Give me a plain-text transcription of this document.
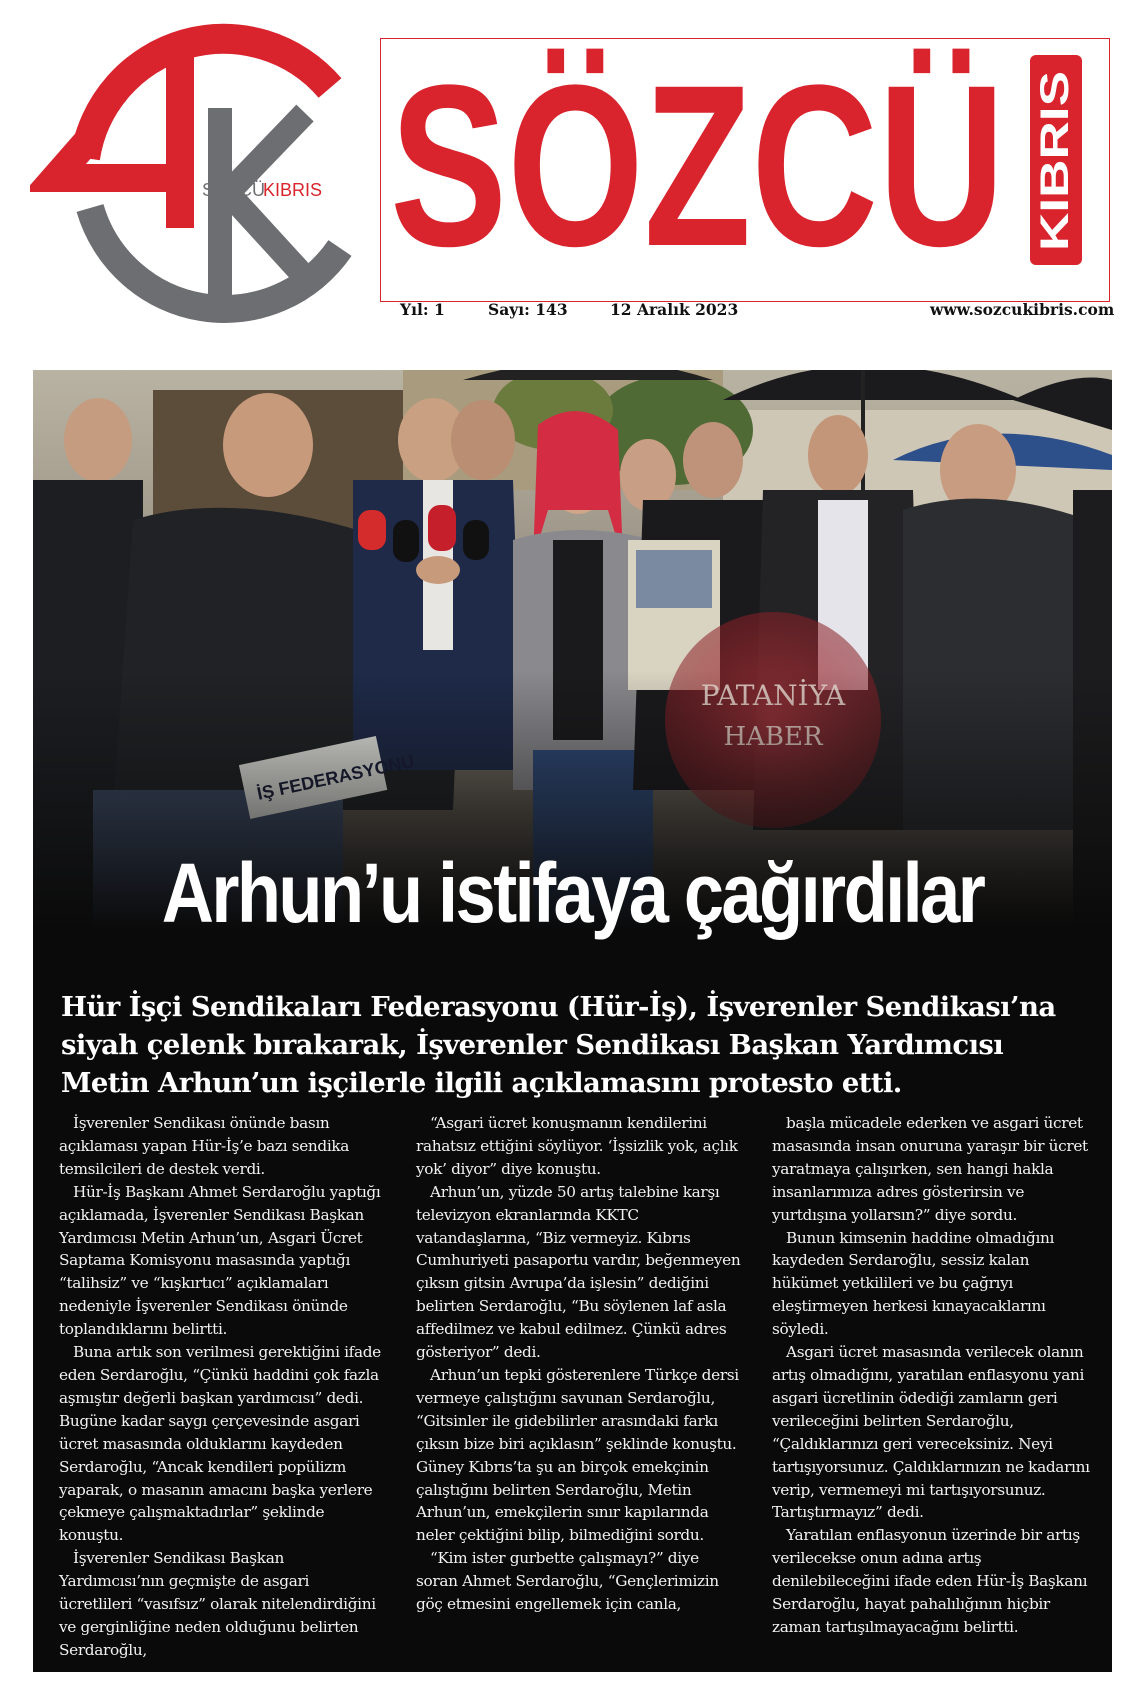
SÖZCÜ
KIBRIS SÖZCÜ KIBRIS
Yıl: 1	Sayı: 143	12 Aralık 2023	www.sozcukibris.com
Arhun’u istifaya çağırdılar

Hür İşçi Sendikaları Federasyonu (Hür-İş), İşverenler Sendikası’na siyah çelenk bırakarak, İşverenler Sendikası Başkan Yardımcısı Metin Arhun’un işçilerle ilgili açıklamasını protesto etti.

İşverenler Sendikası önünde basın açıklaması yapan Hür-İş’e bazı sendika temsilcileri de destek verdi.

Hür-İş Başkanı Ahmet Serdaroğlu yaptığı açıklamada, İşverenler Sendikası Başkan Yardımcısı Metin Arhun’un, Asgari Ücret Saptama Komisyonu masasında yaptığı “talihsiz” ve “kışkırtıcı” açıklamaları nedeniyle İşverenler Sendikası önünde toplandıklarını belirtti.

Buna artık son verilmesi gerektiğini ifade eden Serdaroğlu, “Çünkü haddini çok fazla aşmıştır değerli başkan yardımcısı” dedi. Bugüne kadar saygı çerçevesinde asgari ücret masasında olduklarını kaydeden Serdaroğlu, “Ancak kendileri popülizm yaparak, o masanın amacını başka yerlere çekmeye çalışmaktadırlar” şeklinde konuştu.

İşverenler Sendikası Başkan Yardımcısı’nın geçmişte de asgari ücretlileri “vasıfsız” olarak nitelendirdiğini ve gerginliğine neden olduğunu belirten Serdaroğlu,

“Asgari ücret konuşmanın kendilerini rahatsız ettiğini söylüyor. ‘İşsizlik yok, açlık yok’ diyor” diye konuştu.

Arhun’un, yüzde 50 artış talebine karşı televizyon ekranlarında KKTC vatandaşlarına, “Biz vermeyiz. Kıbrıs Cumhuriyeti pasaportu vardır, beğenmeyen çıksın gitsin Avrupa’da işlesin” dediğini belirten Serdaroğlu, “Bu söylenen laf asla affedilmez ve kabul edilmez. Çünkü adres gösteriyor” dedi.

Arhun’un tepki gösterenlere Türkçe dersi vermeye çalıştığını savunan Serdaroğlu, “Gitsinler ile gidebilirler arasındaki farkı çıksın bize biri açıklasın” şeklinde konuştu. Güney Kıbrıs’ta şu an birçok emekçinin çalıştığını belirten Serdaroğlu, Metin Arhun’un, emekçilerin sınır kapılarında neler çektiğini bilip, bilmediğini sordu.

“Kim ister gurbette çalışmayı?” diye soran Ahmet Serdaroğlu, “Gençlerimizin göç etmesini engellemek için canla,

başla mücadele ederken ve asgari ücret masasında insan onuruna yaraşır bir ücret yaratmaya çalışırken, sen hangi hakla insanlarımıza adres gösterirsin ve yurtdışına yollarsın?” diye sordu.

Bunun kimsenin haddine olmadığını kaydeden Serdaroğlu, sessiz kalan hükümet yetkilileri ve bu çağrıyı eleştirmeyen herkesi kınayacaklarını söyledi.

Asgari ücret masasında verilecek olanın artış olmadığını, yaratılan enflasyonu yani asgari ücretlinin ödediği zamların geri verileceğini belirten Serdaroğlu, “Çaldıklarınızı geri vereceksiniz. Neyi tartışıyorsunuz. Çaldıklarınızın ne kadarını verip, vermemeyi mi tartışıyorsunuz. Tartıştırmayız” dedi.

Yaratılan enflasyonun üzerinde bir artış verilecekse onun adına artış denilebileceğini ifade eden Hür-İş Başkanı Serdaroğlu, hayat pahalılığının hiçbir zaman tartışılmayacağını belirtti.
